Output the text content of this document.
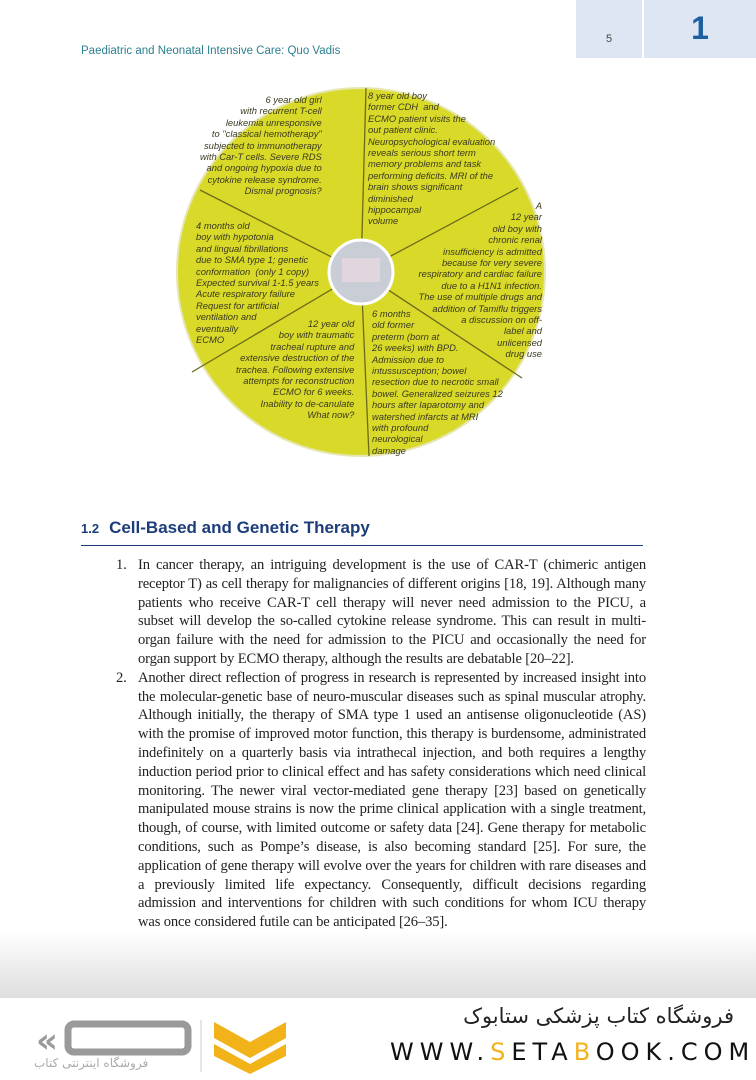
Paediatric and Neonatal Intensive Care: Quo Vadis
5	1
6 year old girl
with recurrent T-cell
leukemia unresponsive
to "classical hemotherapy"
subjected to immunotherapy
with Car-T cells. Severe RDS
and ongoing hypoxia due to
cytokine release syndrome.
Dismal prognosis?
8 year old boy
former CDH  and
ECMO patient visits the
out patient clinic.
Neuropsychological evaluation
reveals serious short term
memory problems and task
performing deficits. MRI of the
brain shows significant
diminished
hippocampal
volume
A
12 year
old boy with
chronic renal
insufficiency is admitted
because for very severe
respiratory and cardiac failure
due to a H1N1 infection.
The use of multiple drugs and
addition of Tamiflu triggers
a discussion on off-
label and
unlicensed
drug use
6 months
old former
preterm (born at
26 weeks) with BPD.
Admission due to
intussusception; bowel
resection due to necrotic small
bowel. Generalized seizures 12
hours after laparotomy and
watershed infarcts at MRI
with profound
neurological
damage
12 year old
boy with traumatic
tracheal rupture and
extensive destruction of the
trachea. Following extensive
attempts for reconstruction
ECMO for 6 weeks.
Inability to de-canulate
What now?
4 months old
boy with hypotonia
and lingual fibrillations
due to SMA type 1; genetic
conformation  (only 1 copy)
Expected survival 1-1.5 years
Acute respiratory failure
Request for artificial
ventilation and
eventually
ECMO
1.2 Cell-Based and Genetic Therapy
1. In cancer therapy, an intriguing development is the use of CAR-T (chimeric antigen receptor T) as cell therapy for malignancies of different origins [18, 19]. Although many patients who receive CAR-T cell therapy will never need admission to the PICU, a subset will develop the so-called cytokine release syndrome. This can result in multi-organ failure with the need for admission to the PICU and occasionally the need for organ support by ECMO therapy, although the results are debatable [20–22].
2. Another direct reflection of progress in research is represented by increased insight into the molecular-genetic base of neuro-muscular diseases such as spinal muscular atrophy. Although initially, the therapy of SMA type 1 used an antisense oligonucleotide (AS) with the promise of improved motor function, this therapy is burdensome, administrated indefinitely on a quarterly basis via intrathecal injection, and both requires a lengthy induction period prior to clinical effect and has safety considerations which need clinical monitoring. The newer viral vector-mediated gene therapy [23] based on genetically manipulated mouse strains is now the prime clinical application with a single treatment, though, of course, with limited outcome or safety data [24]. Gene therapy for metabolic conditions, such as Pompe’s disease, is also becoming standard [25]. For sure, the application of gene therapy will evolve over the years for children with rare diseases and a previously limited life expectancy. Consequently, difficult decisions regarding admission and interventions for children with such conditions for whom ICU therapy was once considered futile can be anticipated [26–35].
«
فروشگاه اینترنتی کتاب
فروشگاه کتاب پزشکی ستابوک
WWW.SETABOOK.COM
